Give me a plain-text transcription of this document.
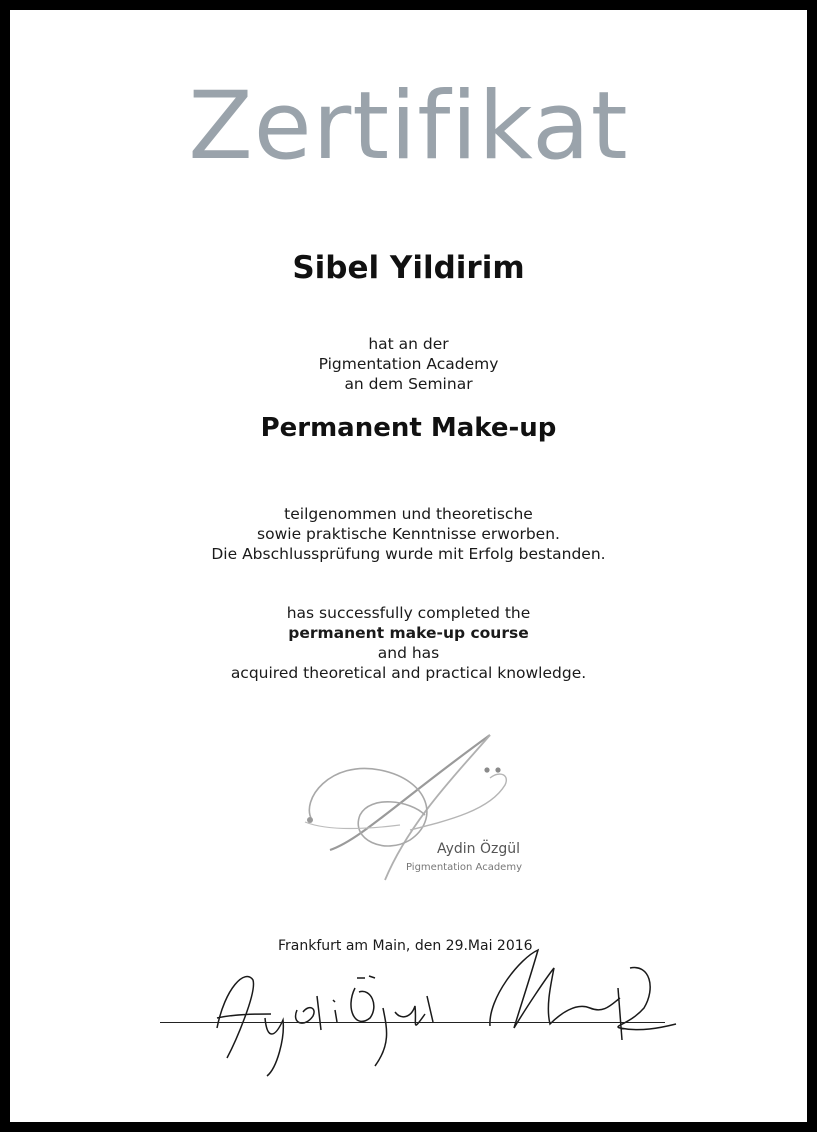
Zertifikat
Sibel Yildirim
hat an der
Pigmentation Academy
an dem Seminar
Permanent Make-up
teilgenommen und theoretische
sowie praktische Kenntnisse erworben.
Die Abschlussprüfung wurde mit Erfolg bestanden.
has successfully completed the
permanent make-up course
and has
acquired theoretical and practical knowledge.
Aydin Özgül
Pigmentation Academy
Frankfurt am Main, den 29.Mai 2016
